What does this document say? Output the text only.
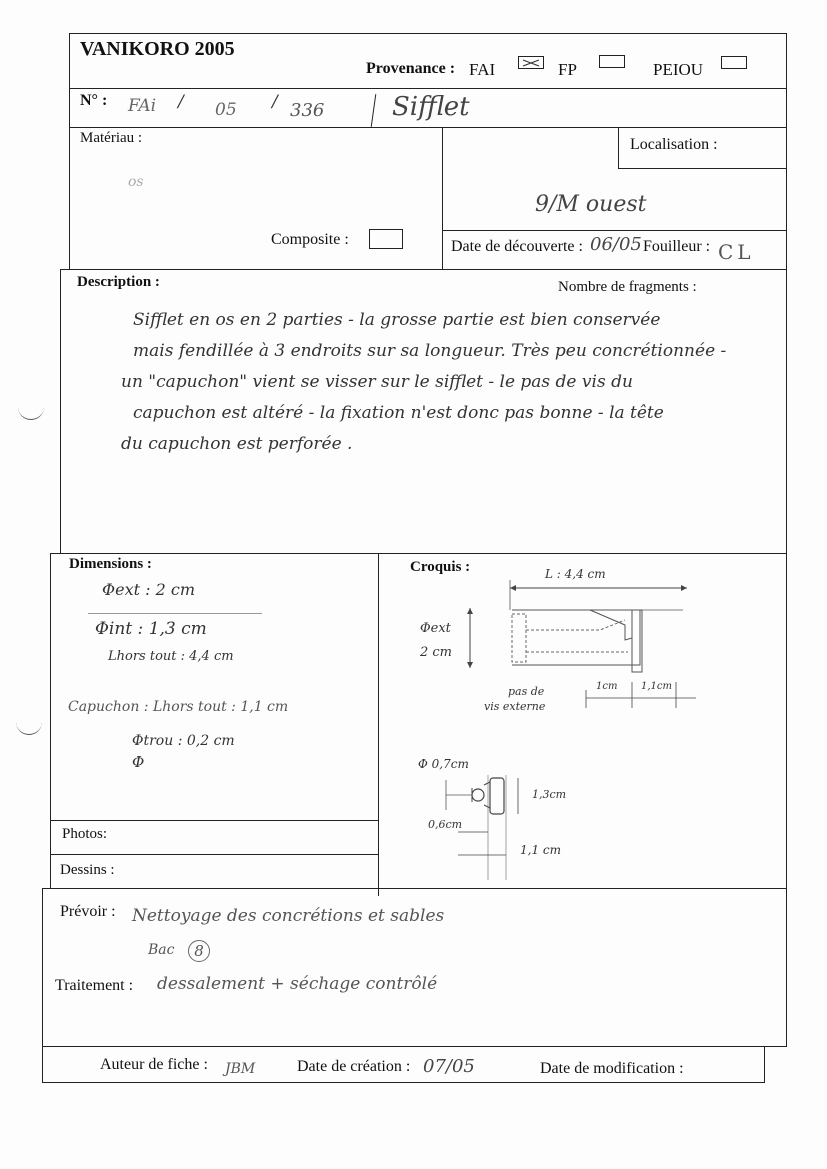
VANIKORO 2005
Provenance : FAI	FP	PEIOU
N° : FAi / 05 / 336	Sifflet
Matériau :
os
Localisation :
9/M ouest
Composite :	Date de découverte : 06/05 Fouilleur : CL
Description :	Nombre de fragments :
Sifflet en os en 2 parties - la grosse partie est bien conservée
mais fendillée à 3 endroits sur sa longueur. Très peu concrétionnée -
un "capuchon" vient se visser sur le sifflet - le pas de vis du
capuchon est altéré - la fixation n'est donc pas bonne - la tête
du capuchon est perforée .
Dimensions :
Φext : 2 cm
Φint : 1,3 cm
Lhors tout : 4,4 cm
Capuchon : Lhors tout : 1,1 cm
Φtrou : 0,2 cm
Φ
Croquis :	L : 4,4 cm
Φext
2 cm
pas de
vis externe
1cm 1,1cm
Φ 0,7cm
1,3cm
0,6cm
1,1 cm
Photos:
Dessins :
Prévoir : Nettoyage des concrétions et sables
Bac	8
Traitement : dessalement + séchage contrôlé
Auteur de fiche : JBM	Date de création : 07/05	Date de modification :
